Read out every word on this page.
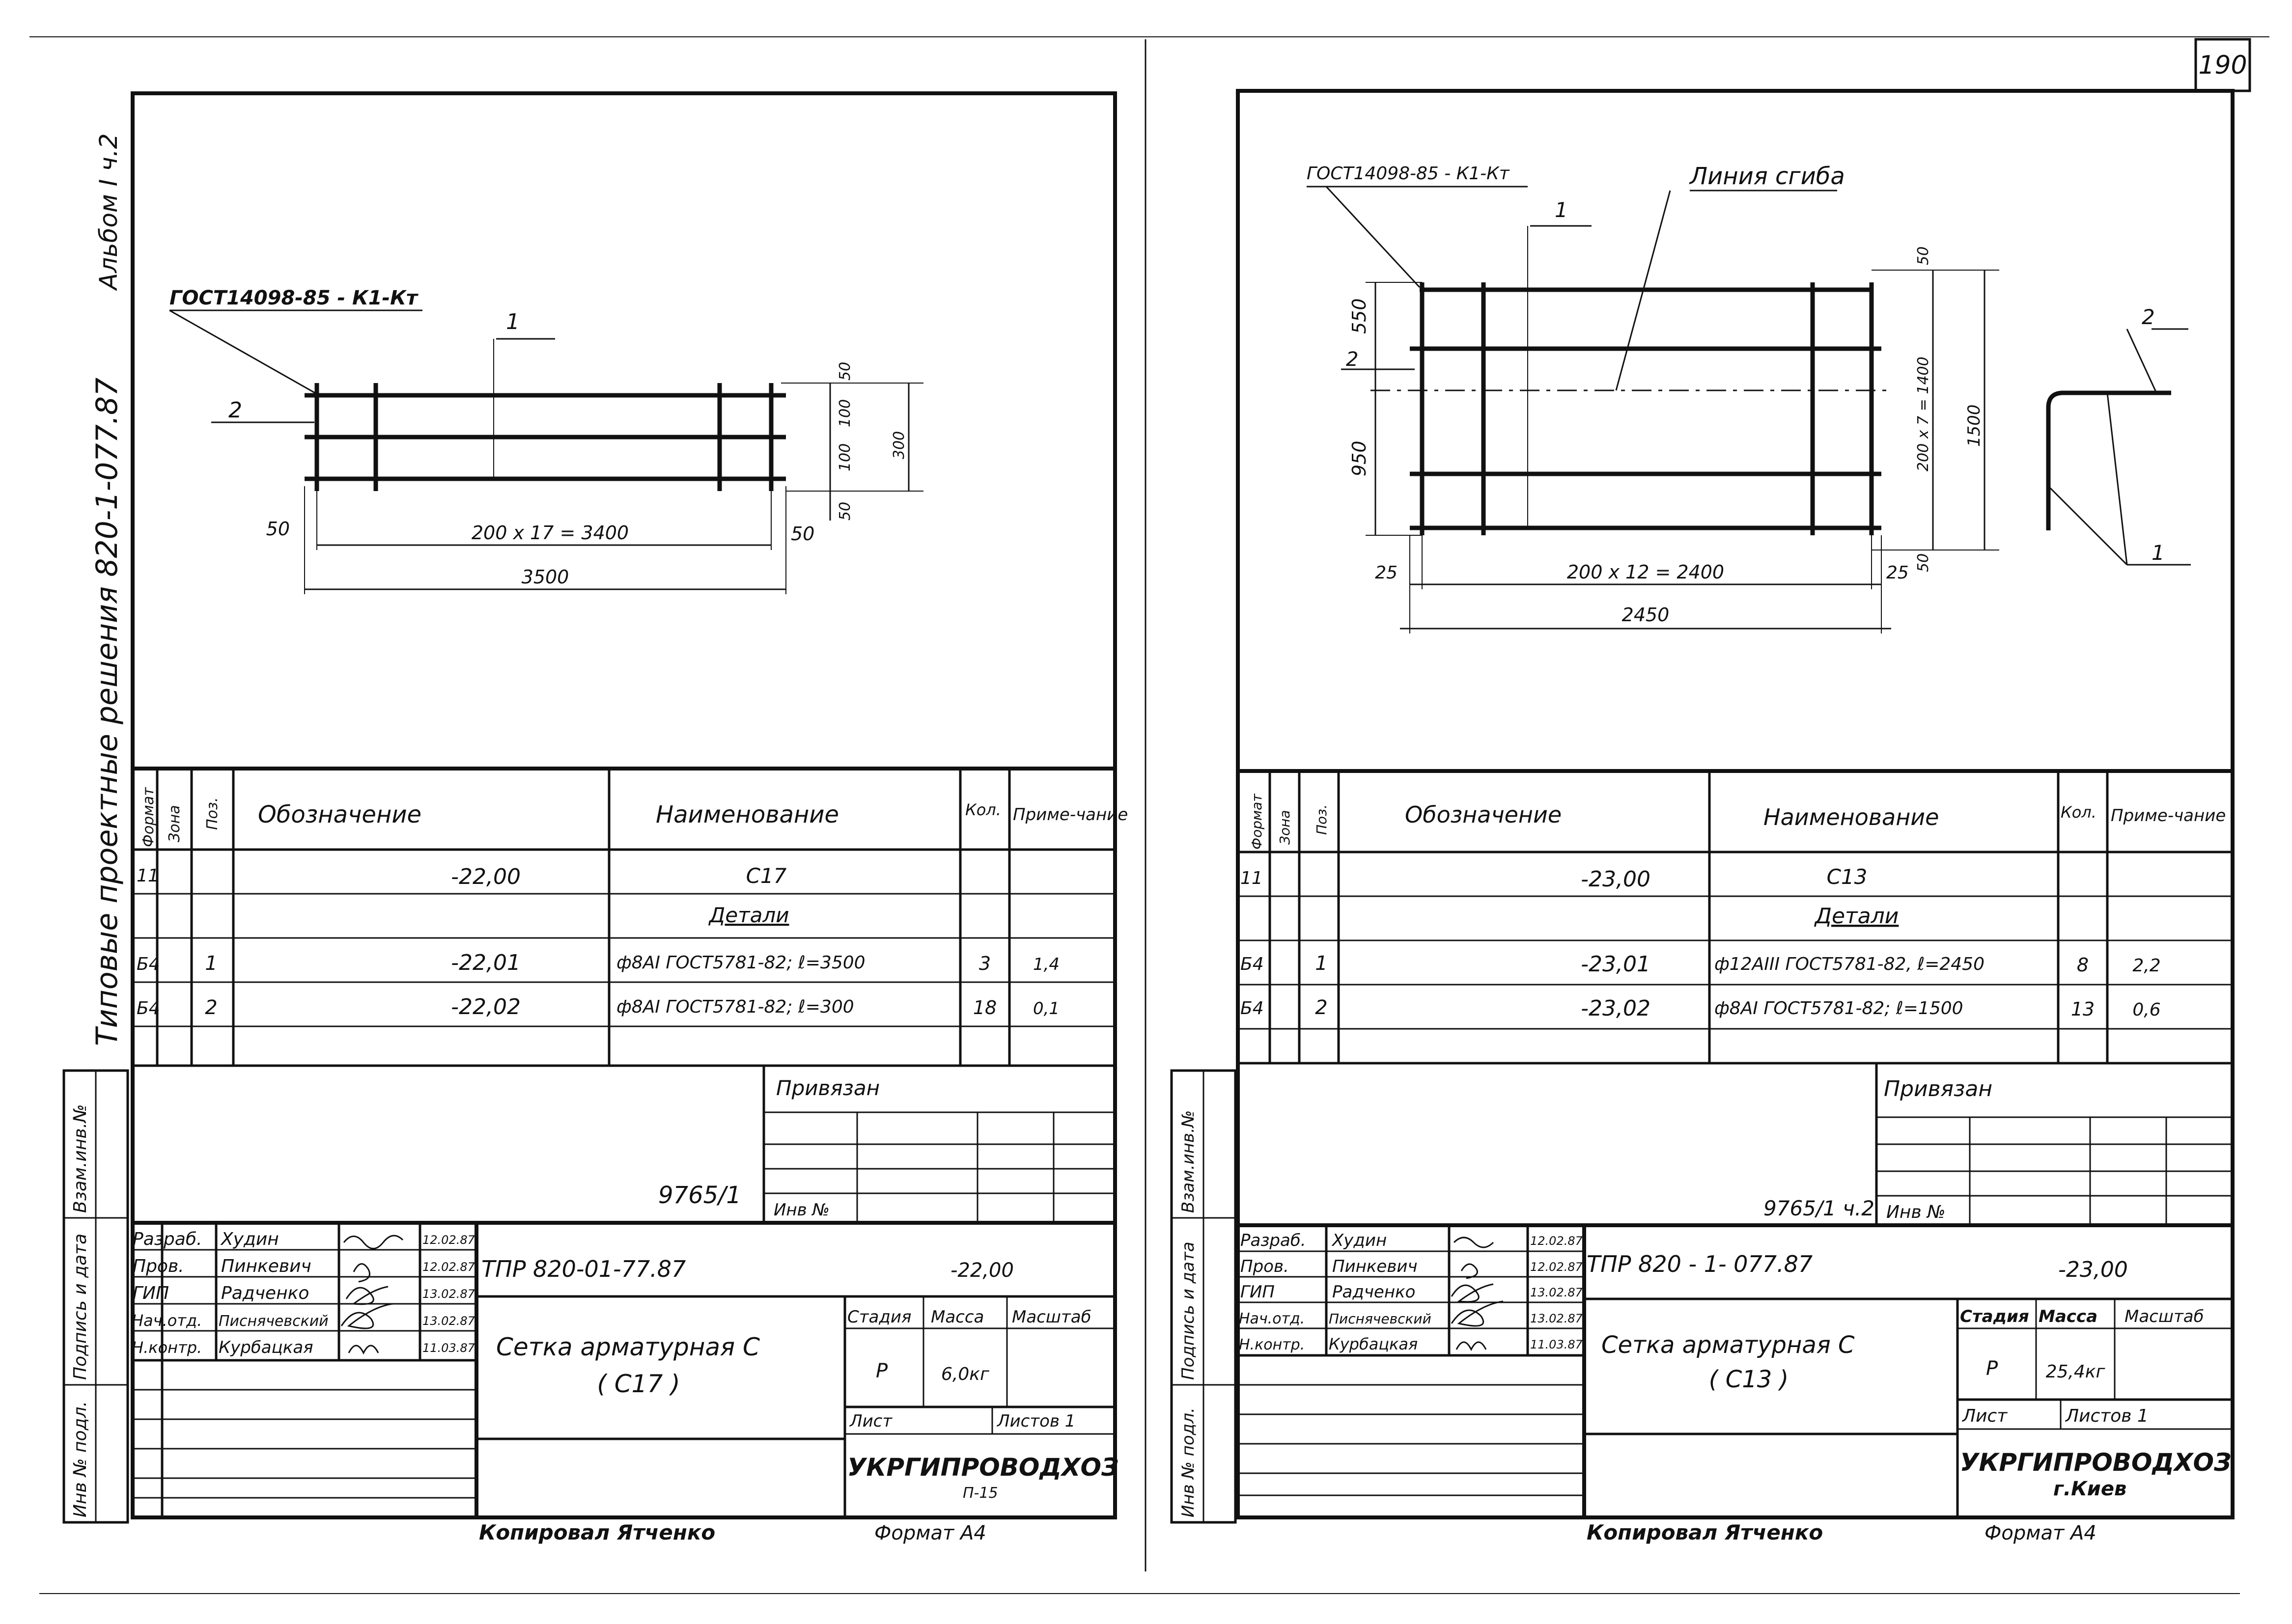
190
Альбом I ч.2
Типовые проектные решения 820-1-077.87
Инв № подл.
Подпись и дата
Взам.инв.№
ГОСТ14098-85 - К1-Кт
1
2
200 x 17 = 3400
3500
50	50
50
100
100
50
300
Формат Зона Поз. Обозначение	Наименование	Кол. Приме-чание
11	-22,00	С17
Детали
Б4 1	-22,01	ф8АI ГОСТ5781-82; ℓ=3500	3	1,4
Б4 2	-22,02	ф8АI ГОСТ5781-82; ℓ=300	18 0,1
Привязан
Инв №
9765/1
Разраб. Худин	12.02.87
Пров. Пинкевич	12.02.87
ГИП	Радченко	13.02.87
Нач.отд. Писнячевский	13.02.87
Н.контр. Курбацкая	11.03.87
ТПР 820-01-77.87	-22,00
Стадия Масса Масштаб
Р	6,0кг
Лист	Листов 1
Сетка арматурная С
( С17 )
УКРГИПРОВОДХОЗ
П-15
Копировал Ятченко	Формат А4
Инв № подл.
Подпись и дата
Взам.инв.№
ГОСТ14098-85 - К1-Кт
1
Линия сгиба
2
200 x 12 = 2400
2450
25	25
550
950
50
200 x 7 = 1400
50
1500
2
1
Формат Зона Поз.	Обозначение	Наименование	Кол. Приме-чание
11	-23,00	С13
Детали
Б4	1	-23,01	ф12АIII ГОСТ5781-82, ℓ=2450	8 2,2
Б4	2	-23,02	ф8АI ГОСТ5781-82; ℓ=1500	13 0,6
Привязан
Инв №
9765/1 ч.2
Разраб. Худин	12.02.87
Пров.	Пинкевич	12.02.87
ГИП	Радченко	13.02.87
Нач.отд. Писнячевский	13.02.87
Н.контр. Курбацкая	11.03.87
ТПР 820 - 1- 077.87	-23,00
Стадия Масса Масштаб
Р	25,4кг
Лист	Листов 1
Сетка арматурная С
( С13 )
УКРГИПРОВОДХОЗ
г.Киев
Копировал Ятченко	Формат А4
